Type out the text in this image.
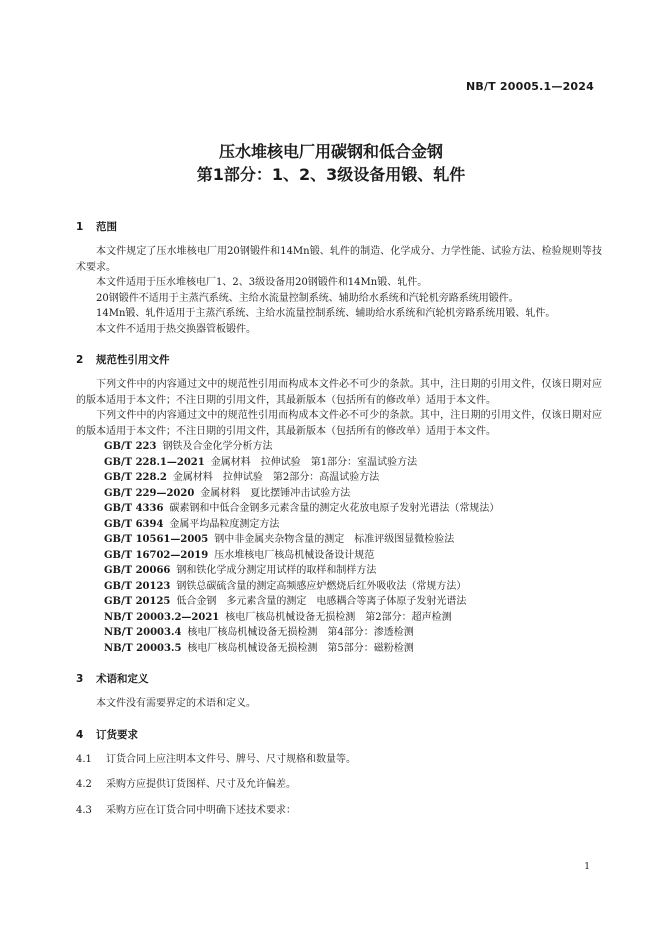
NB/T 20005.1—2024
压水堆核电厂用碳钢和低合金钢
第1部分：1、2、3级设备用锻、轧件
1 范围

本文件规定了压水堆核电厂用20钢锻件和14Mn锻、轧件的制造、化学成分、力学性能、试验方法、检验规则等技术要求。

本文件适用于压水堆核电厂1、2、3级设备用20钢锻件和14Mn锻、轧件。

20钢锻件不适用于主蒸汽系统、主给水流量控制系统、辅助给水系统和汽轮机旁路系统用锻件。

14Mn锻、轧件适用于主蒸汽系统、主给水流量控制系统、辅助给水系统和汽轮机旁路系统用锻、轧件。

本文件不适用于热交换器管板锻件。

2 规范性引用文件

下列文件中的内容通过文中的规范性引用而构成本文件必不可少的条款。其中，注日期的引用文件，仅该日期对应的版本适用于本文件；不注日期的引用文件，其最新版本（包括所有的修改单）适用于本文件。

下列文件中的内容通过文中的规范性引用而构成本文件必不可少的条款。其中，注日期的引用文件，仅该日期对应的版本适用于本文件；不注日期的引用文件，其最新版本（包括所有的修改单）适用于本文件。

GB/T 223 钢铁及合金化学分析方法
GB/T 228.1—2021 金属材料　拉伸试验　第1部分：室温试验方法
GB/T 228.2 金属材料　拉伸试验　第2部分：高温试验方法
GB/T 229—2020 金属材料　夏比摆锤冲击试验方法
GB/T 4336 碳素钢和中低合金钢多元素含量的测定火花放电原子发射光谱法（常规法）
GB/T 6394 金属平均晶粒度测定方法
GB/T 10561—2005 钢中非金属夹杂物含量的测定　标准评级图显微检验法
GB/T 16702—2019 压水堆核电厂核岛机械设备设计规范
GB/T 20066 钢和铁化学成分测定用试样的取样和制样方法
GB/T 20123 钢铁总碳硫含量的测定高频感应炉燃烧后红外吸收法（常规方法）
GB/T 20125 低合金钢　多元素含量的测定　电感耦合等离子体原子发射光谱法
NB/T 20003.2—2021 核电厂核岛机械设备无损检测　第2部分：超声检测
NB/T 20003.4 核电厂核岛机械设备无损检测　第4部分：渗透检测
NB/T 20003.5 核电厂核岛机械设备无损检测　第5部分：磁粉检测
3 术语和定义

本文件没有需要界定的术语和定义。

4 订货要求

4.1 订货合同上应注明本文件号、牌号、尺寸规格和数量等。

4.2 采购方应提供订货图样、尺寸及允许偏差。

4.3 采购方应在订货合同中明确下述技术要求：

1
